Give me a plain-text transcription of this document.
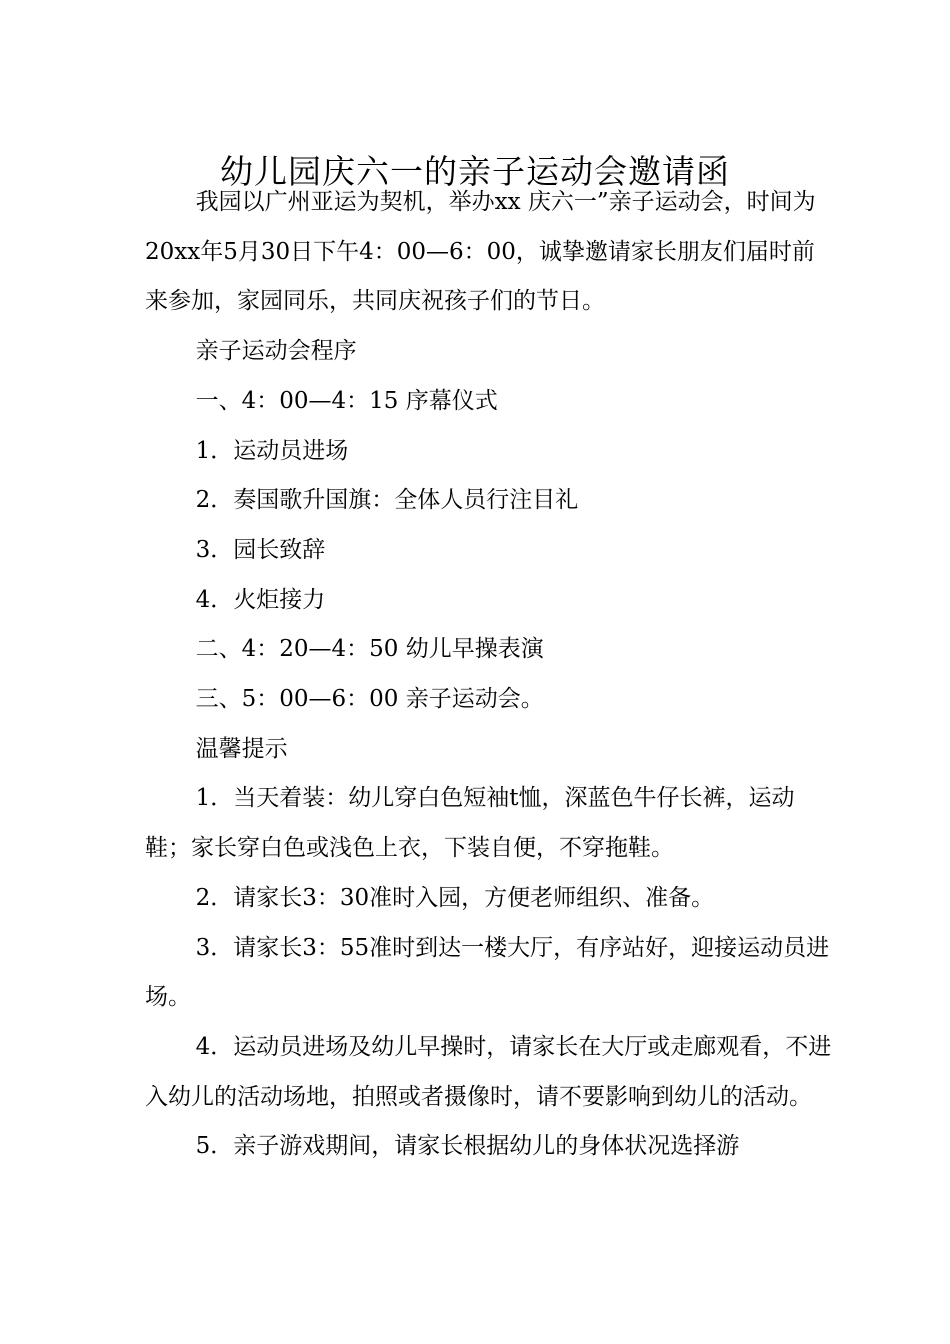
幼儿园庆六一的亲子运动会邀请函

我园以广州亚运为契机，举办xx 庆六一”亲子运动会，时间为20xx年5月30日下午4：00—6：00，诚挚邀请家长朋友们届时前来参加，家园同乐，共同庆祝孩子们的节日。

亲子运动会程序

一、4：00—4：15 序幕仪式

1．运动员进场

2．奏国歌升国旗：全体人员行注目礼

3．园长致辞

4．火炬接力

二、4：20—4：50 幼儿早操表演

三、5：00—6：00 亲子运动会。

温馨提示

1．当天着装：幼儿穿白色短袖t恤，深蓝色牛仔长裤，运动鞋；家长穿白色或浅色上衣，下装自便，不穿拖鞋。

2．请家长3：30准时入园，方便老师组织、准备。

3．请家长3：55准时到达一楼大厅，有序站好，迎接运动员进场。

4．运动员进场及幼儿早操时，请家长在大厅或走廊观看，不进入幼儿的活动场地，拍照或者摄像时，请不要影响到幼儿的活动。

5．亲子游戏期间，请家长根据幼儿的身体状况选择游
